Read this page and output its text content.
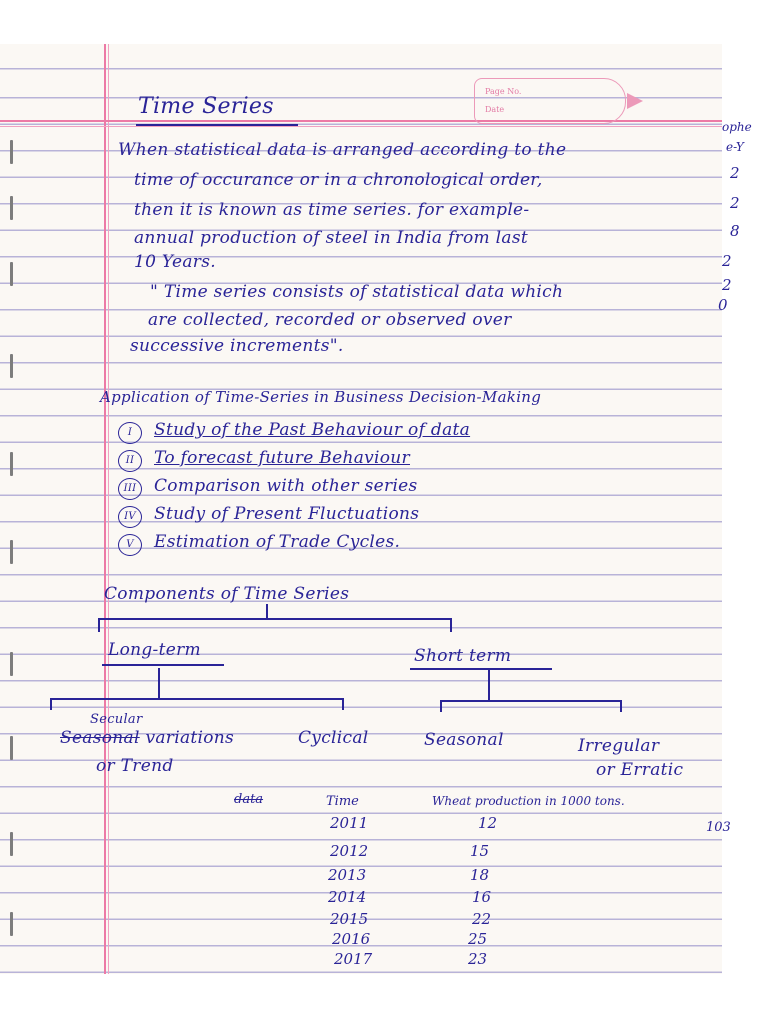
Page No.
Date
Time Series
When statistical data is arranged according to the
time of occurance or in a chronological order,
then it is known as time series. for example-
annual production of steel in India from last
10 Years.
" Time series consists of statistical data which
are collected, recorded or observed over
successive increments".
Application of Time-Series in Business Decision-Making
I Study of the Past Behaviour of data
II To forecast future Behaviour
III Comparison with other series
IV Study of Present Fluctuations
V Estimation of Trade Cycles.
Components of Time Series
Long-term	Short term
Secular
Seasonal variations
or Trend
Cyclical	Seasonal	Irregular
or Erratic
data	Time	Wheat production in 1000 tons.
2011	12
2012	15
2013	18
2014	16
2015	22
2016	25
2017	23
ophe
e-Y
2
2
8
2
2
0
103
